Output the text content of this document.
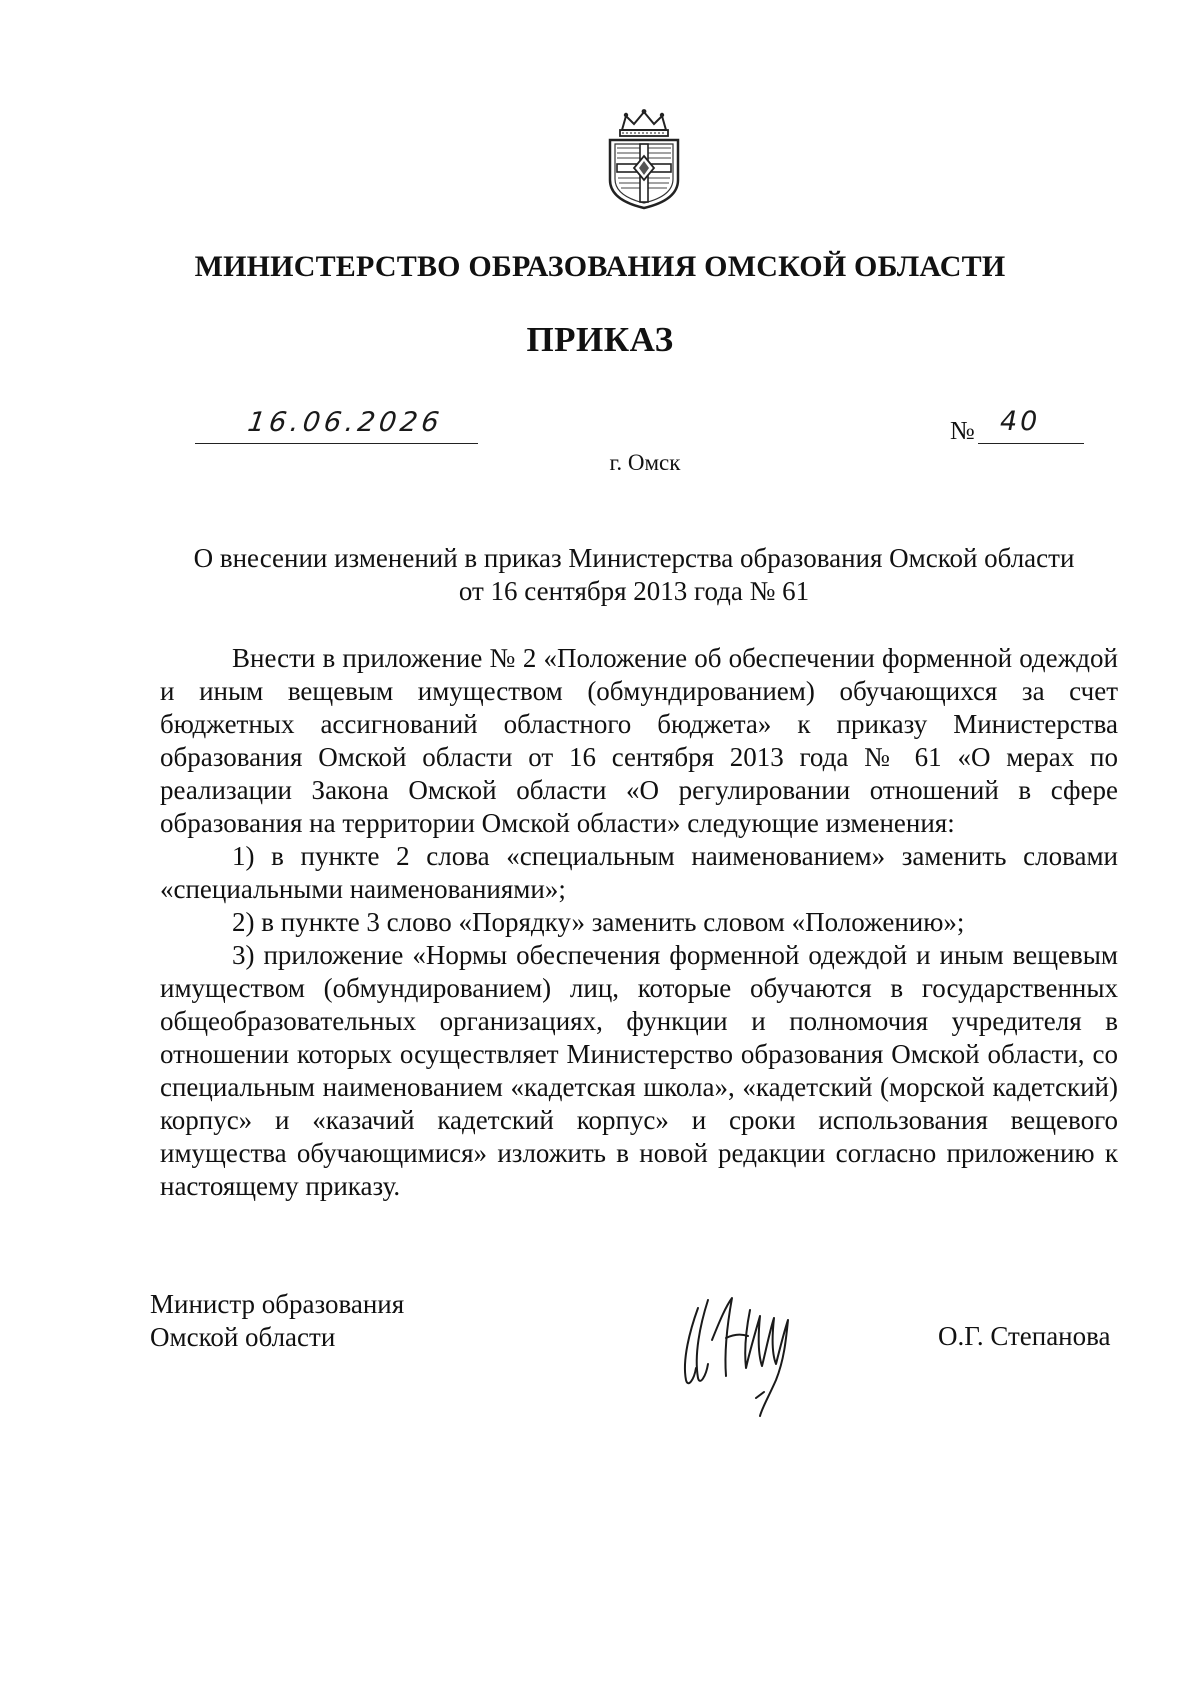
МИНИСТЕРСТВО ОБРАЗОВАНИЯ ОМСКОЙ ОБЛАСТИ
ПРИКАЗ
16.06.2026	№ 40
г. Омск
О внесении изменений в приказ Министерства образования Омской области
от 16 сентября 2013 года № 61

Внести в приложение № 2 «Положение об обеспечении форменной одеждой и иным вещевым имуществом (обмундированием) обучающихся за счет бюджетных ассигнований областного бюджета» к приказу Министерства образования Омской области от 16 сентября 2013 года № 61 «О мерах по реализации Закона Омской области «О регулировании отношений в сфере образования на территории Омской области» следующие изменения:

1) в пункте 2 слова «специальным наименованием» заменить словами «специальными наименованиями»;

2) в пункте 3 слово «Порядку» заменить словом «Положению»;

3) приложение «Нормы обеспечения форменной одеждой и иным вещевым имуществом (обмундированием) лиц, которые обучаются в государственных общеобразовательных организациях, функции и полномочия учредителя в отношении которых осуществляет Министерство образования Омской области, со специальным наименованием «кадетская школа», «кадетский (морской кадетский) корпус» и «казачий кадетский корпус» и сроки использования вещевого имущества обучающимися» изложить в новой редакции согласно приложению к настоящему приказу.

Министр образования
Омской области	О.Г. Степанова
